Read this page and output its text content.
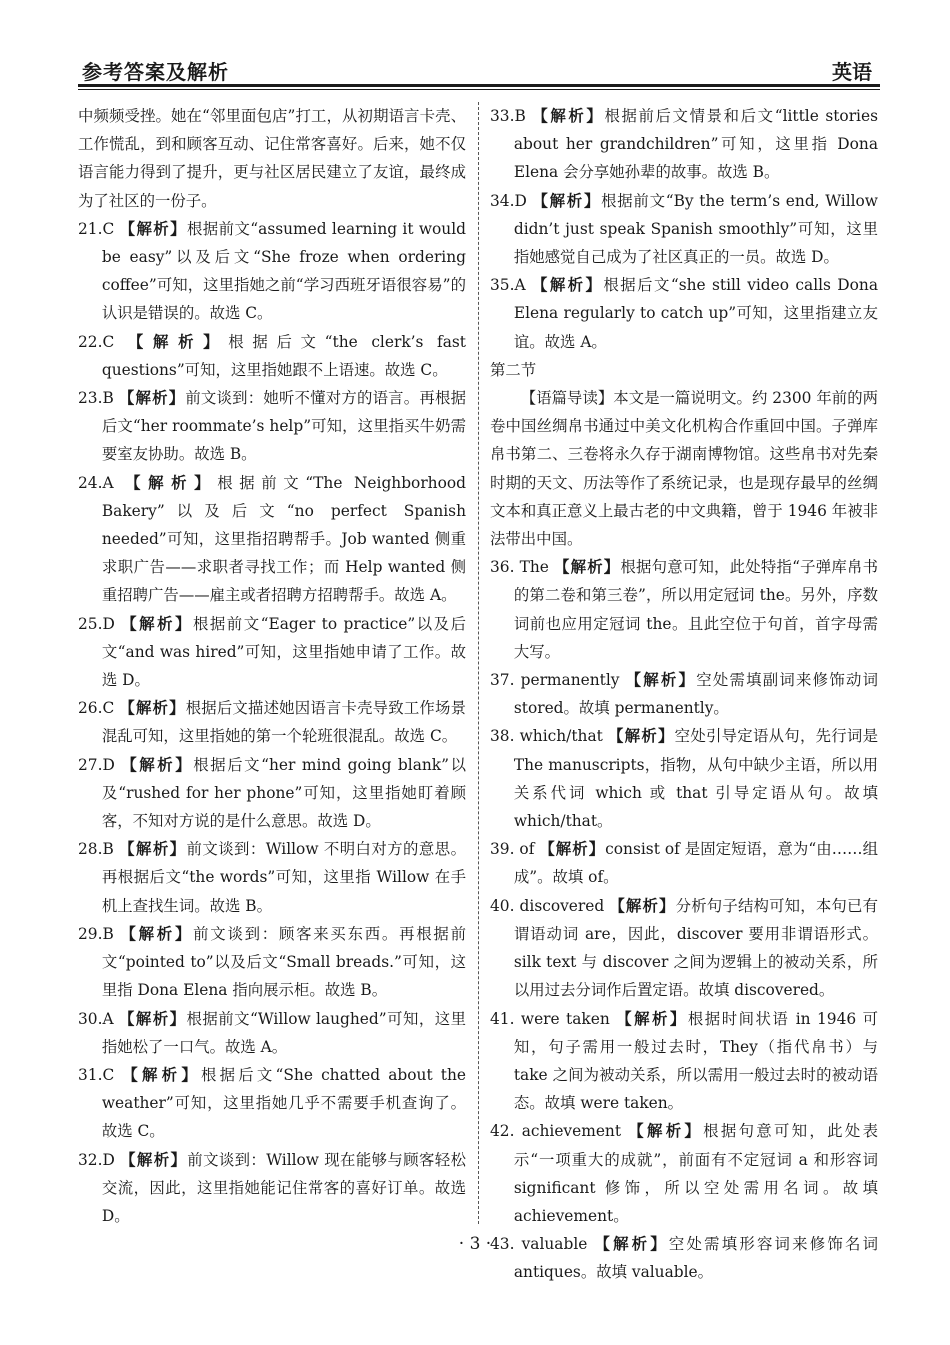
参考答案及解析	英语

中频频受挫。她在“邻里面包店”打工，从初期语言卡壳、工作慌乱，到和顾客互动、记住常客喜好。后来，她不仅语言能力得到了提升，更与社区居民建立了友谊，最终成为了社区的一份子。

21.C 【解析】根据前文“assumed learning it would be easy”以及后文“She froze when ordering coffee”可知，这里指她之前“学习西班牙语很容易”的认识是错误的。故选 C。

22.C 【解析】根据后文“the clerk’s fast questions”可知，这里指她跟不上语速。故选 C。

23.B 【解析】前文谈到：她听不懂对方的语言。再根据后文“her roommate’s help”可知，这里指买牛奶需要室友协助。故选 B。

24.A 【解析】根据前文“The Neighborhood Bakery”以及后文“no perfect Spanish needed”可知，这里指招聘帮手。Job wanted 侧重求职广告——求职者寻找工作；而 Help wanted 侧重招聘广告——雇主或者招聘方招聘帮手。故选 A。

25.D 【解析】根据前文“Eager to practice”以及后文“and was hired”可知，这里指她申请了工作。故选 D。

26.C 【解析】根据后文描述她因语言卡壳导致工作场景混乱可知，这里指她的第一个轮班很混乱。故选 C。

27.D 【解析】根据后文“her mind going blank”以及“rushed for her phone”可知，这里指她盯着顾客，不知对方说的是什么意思。故选 D。

28.B 【解析】前文谈到：Willow 不明白对方的意思。再根据后文“the words”可知，这里指 Willow 在手机上查找生词。故选 B。

29.B 【解析】前文谈到：顾客来买东西。再根据前文“pointed to”以及后文“Small breads.”可知，这里指 Dona Elena 指向展示柜。故选 B。

30.A 【解析】根据前文“Willow laughed”可知，这里指她松了一口气。故选 A。

31.C 【解析】根据后文“She chatted about the weather”可知，这里指她几乎不需要手机查询了。故选 C。

32.D 【解析】前文谈到：Willow 现在能够与顾客轻松交流，因此，这里指她能记住常客的喜好订单。故选 D。

33.B 【解析】根据前后文情景和后文“little stories about her grandchildren”可知，这里指 Dona Elena 会分享她孙辈的故事。故选 B。

34.D 【解析】根据前文“By the term’s end, Willow didn’t just speak Spanish smoothly”可知，这里指她感觉自己成为了社区真正的一员。故选 D。

35.A 【解析】根据后文“she still video calls Dona Elena regularly to catch up”可知，这里指建立友谊。故选 A。

第二节

【语篇导读】本文是一篇说明文。约 2300 年前的两卷中国丝绸帛书通过中美文化机构合作重回中国。子弹库帛书第二、三卷将永久存于湖南博物馆。这些帛书对先秦时期的天文、历法等作了系统记录，也是现存最早的丝绸文本和真正意义上最古老的中文典籍，曾于 1946 年被非法带出中国。

36. The 【解析】根据句意可知，此处特指“子弹库帛书的第二卷和第三卷”，所以用定冠词 the。另外，序数词前也应用定冠词 the。且此空位于句首，首字母需大写。

37. permanently 【解析】空处需填副词来修饰动词 stored。故填 permanently。

38. which/that 【解析】空处引导定语从句，先行词是 The manuscripts，指物，从句中缺少主语，所以用关系代词 which 或 that 引导定语从句。故填 which/that。

39. of 【解析】consist of 是固定短语，意为“由……组成”。故填 of。

40. discovered 【解析】分析句子结构可知，本句已有谓语动词 are，因此，discover 要用非谓语形式。silk text 与 discover 之间为逻辑上的被动关系，所以用过去分词作后置定语。故填 discovered。

41. were taken 【解析】根据时间状语 in 1946 可知，句子需用一般过去时，They（指代帛书）与 take 之间为被动关系，所以需用一般过去时的被动语态。故填 were taken。

42. achievement 【解析】根据句意可知，此处表示“一项重大的成就”，前面有不定冠词 a 和形容词 significant 修饰，所以空处需用名词。故填 achievement。

43. valuable 【解析】空处需填形容词来修饰名词 antiques。故填 valuable。

· 3 ·
